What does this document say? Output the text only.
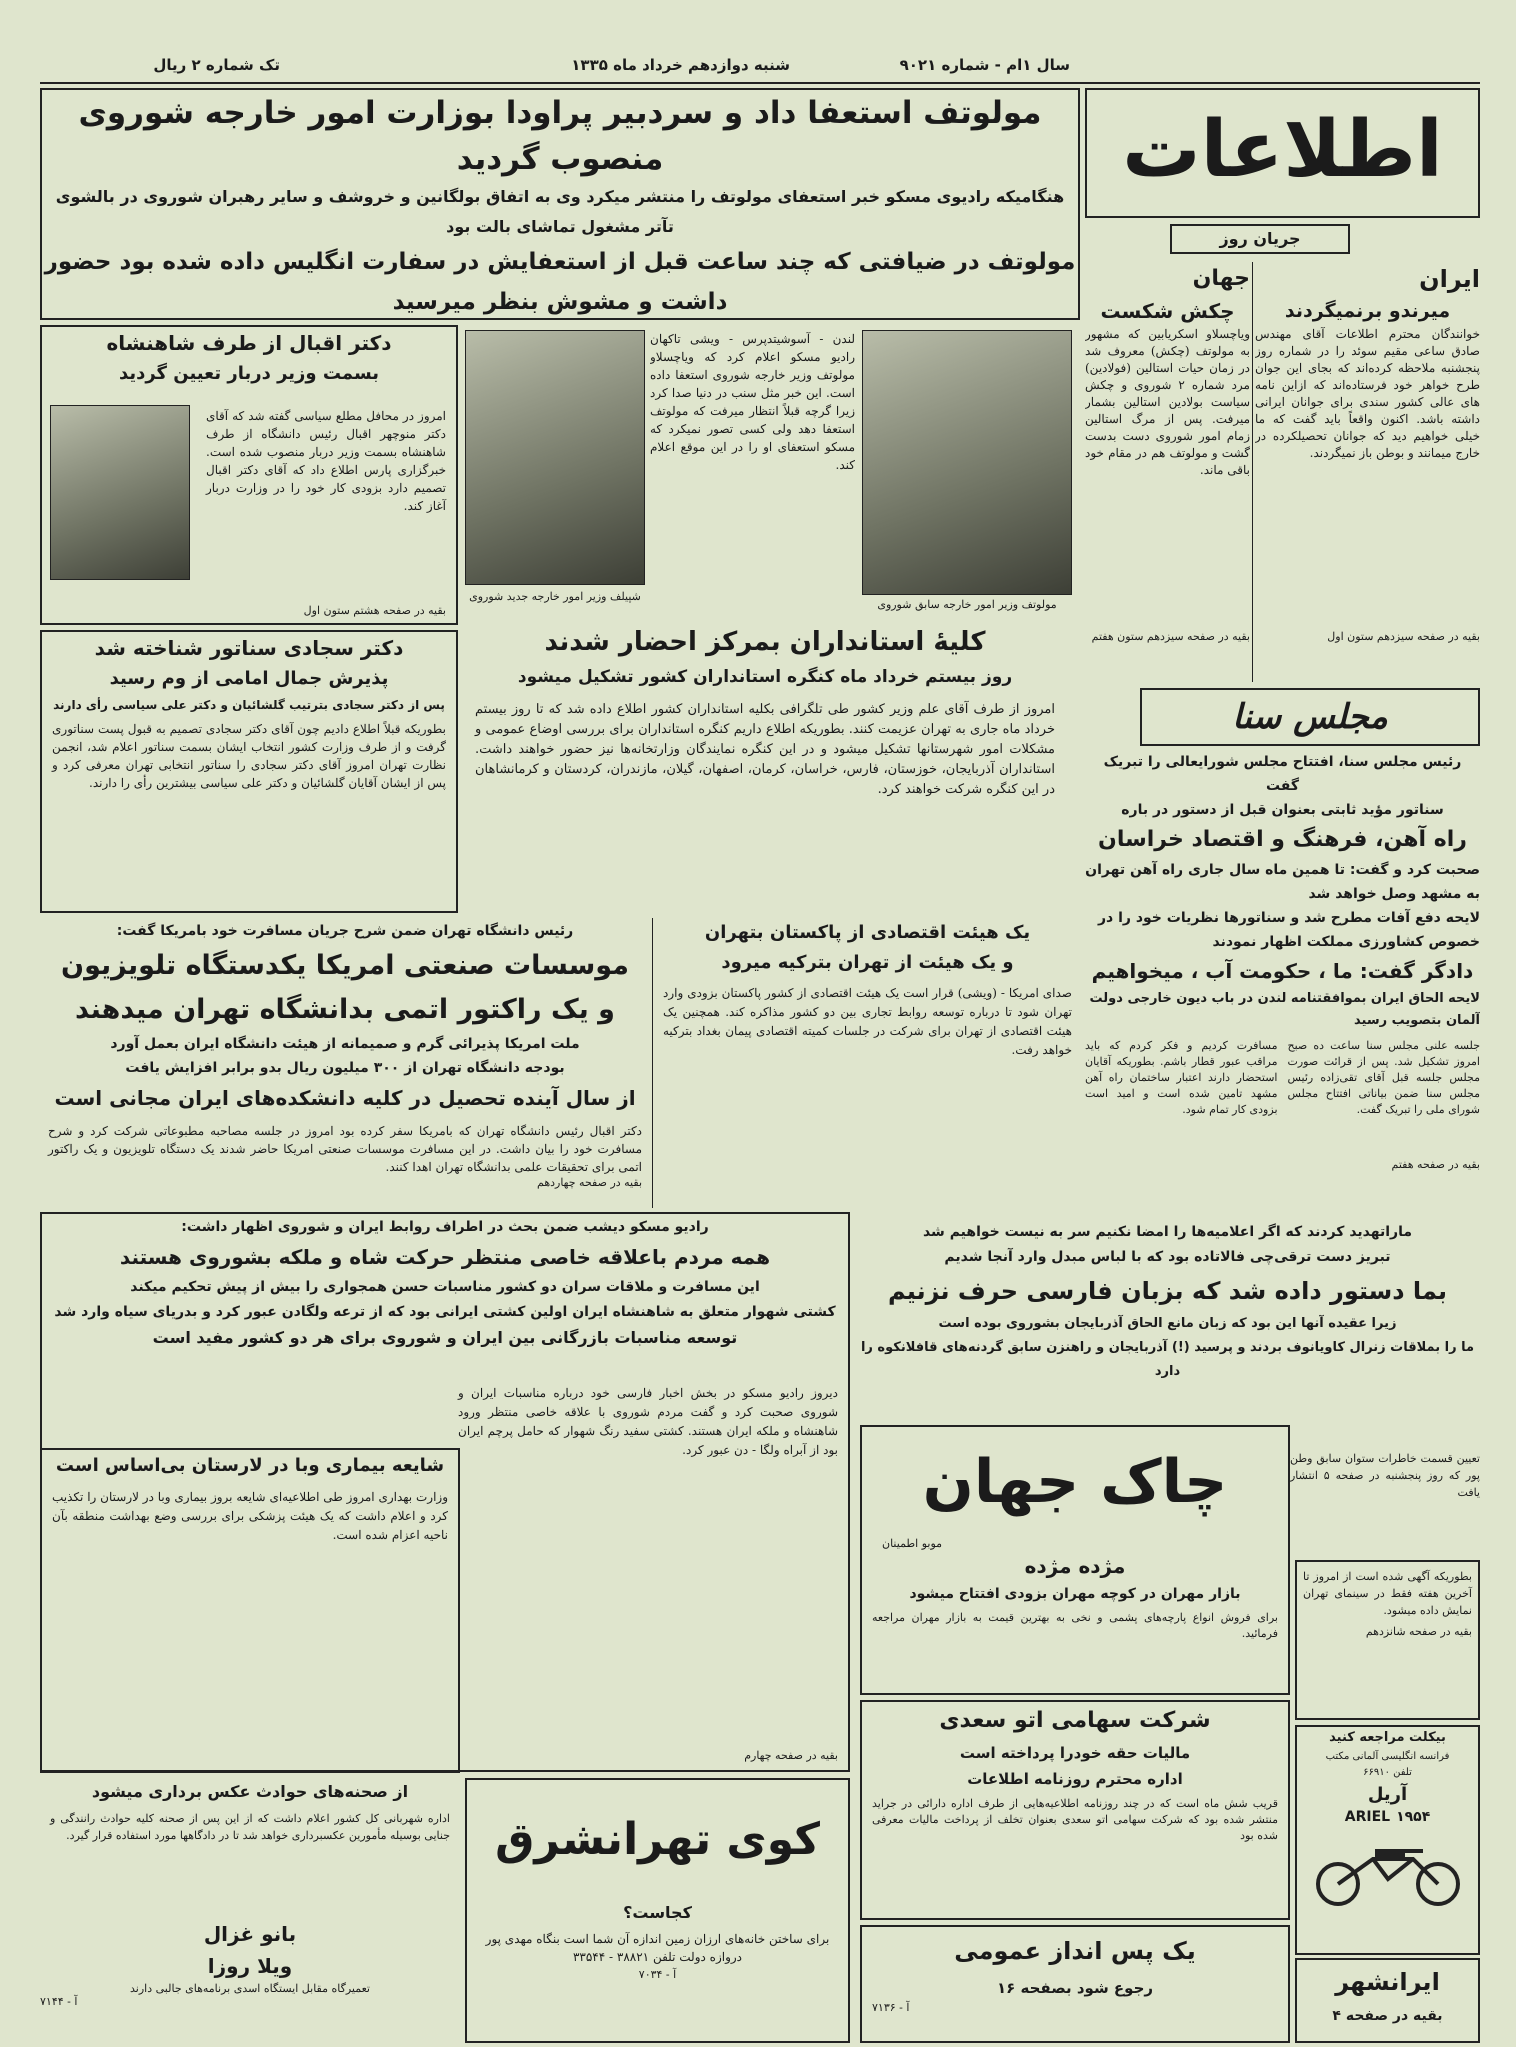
سال ۱ام - شماره ۹۰۲۱
شنبه دوازدهم خرداد ماه ۱۳۳۵
تک شماره ۲ ریال
اطلاعات
جریان روز
مولوتف استعفا داد و سردبیر پراودا بوزارت امور خارجه شوروی منصوب گردید
هنگامیکه رادیوی مسکو خبر استعفای مولوتف را منتشر میکرد وی به اتفاق بولگانین و خروشف و سایر رهبران شوروی در بالشوی تآتر مشغول تماشای بالت بود
مولوتف در ضیافتی که چند ساعت قبل از استعفایش در سفارت انگلیس داده شده بود حضور داشت و مشوش بنظر میرسید
ایران
میرندو برنمیگردند
خوانندگان محترم اطلاعات آقای مهندس صادق ساعی مقیم سوئد را در شماره روز پنجشنبه ملاحظه کرده‌اند که بجای این جوان طرح خواهر خود فرستاده‌اند که ازاین نامه های عالی کشور سندی برای جوانان ایرانی داشته باشد. اکنون واقعاً باید گفت که ما خیلی خواهیم دید که جوانان تحصیلکرده در خارج میمانند و بوطن باز نمیگردند.
بقیه در صفحه سیزدهم ستون اول
جهان
چکش شکست
ویاچسلاو اسکریابین که مشهور به مولوتف (چکش) معروف شد در زمان حیات استالین (فولادین) مرد شماره ۲ شوروی و چکش سیاست بولادین استالین بشمار میرفت. پس از مرگ استالین زمام امور شوروی دست بدست گشت و مولوتف هم در مقام خود باقی ماند.
بقیه در صفحه سیزدهم ستون هفتم
مولوتف وزیر امور خارجه سابق شوروی
لندن - آسوشیتدپرس - ویشی تاکهان رادیو مسکو اعلام کرد که ویاچسلاو مولوتف وزیر خارجه شوروی استعفا داده است. این خبر مثل سنب در دنیا صدا کرد زیرا گرچه قبلاً انتظار میرفت که مولوتف استعفا دهد ولی کسی تصور نمیکرد که مسکو استعفای او را در این موقع اعلام کند.
شپیلف وزیر امور خارجه جدید شوروی
دکتر اقبال از طرف شاهنشاه
بسمت وزیر دربار تعیین گردید
امروز در محافل مطلع سیاسی گفته شد که آقای دکتر منوچهر اقبال رئیس دانشگاه از طرف شاهنشاه بسمت وزیر دربار منصوب شده است. خبرگزاری پارس اطلاع داد که آقای دکتر اقبال تصمیم دارد بزودی کار خود را در وزارت دربار آغاز کند.
بقیه در صفحه هشتم ستون اول
کلیهٔ استانداران بمرکز احضار شدند
روز بیستم خرداد ماه کنگره استانداران کشور تشکیل میشود
امروز از طرف آقای علم وزیر کشور طی تلگرافی بکلیه استانداران کشور اطلاع داده شد که تا روز بیستم خرداد ماه جاری به تهران عزیمت کنند. بطوریکه اطلاع داریم کنگره استانداران برای بررسی اوضاع عمومی و مشکلات امور شهرستانها تشکیل میشود و در این کنگره نمایندگان وزارتخانه‌ها نیز حضور خواهند داشت. استانداران آذربایجان، خوزستان، فارس، خراسان، کرمان، اصفهان، گیلان، مازندران، کردستان و کرمانشاهان در این کنگره شرکت خواهند کرد.
دکتر سجادی سناتور شناخته شد
پذیرش جمال امامی از وم رسید
پس از دکتر سجادی بترتیب گلشائیان و دکتر علی سیاسی رأی دارند
بطوریکه قبلاً اطلاع دادیم چون آقای دکتر سجادی تصمیم به قبول پست سناتوری گرفت و از طرف وزارت کشور انتخاب ایشان بسمت سناتور اعلام شد، انجمن نظارت تهران امروز آقای دکتر سجادی را سناتور انتخابی تهران معرفی کرد و پس از ایشان آقایان گلشائیان و دکتر علی سیاسی بیشترین رأی را دارند.
مجلس سنا
رئیس مجلس سنا، افتتاح مجلس شورایعالی را تبریک گفت
سناتور مؤید ثابتی بعنوان قبل از دستور در باره
راه آهن، فرهنگ و اقتصاد خراسان
صحبت کرد و گفت: تا همین ماه سال جاری راه آهن تهران به مشهد وصل خواهد شد
لایحه دفع آفات مطرح شد و سناتورها نظریات خود را در خصوص کشاورزی مملکت اظهار نمودند
دادگر گفت: ما ، حکومت آب ، میخواهیم
لایحه الحاق ایران بموافقتنامه لندن در باب دیون خارجی دولت آلمان بتصویب رسید
جلسه علنی مجلس سنا ساعت ده صبح امروز تشکیل شد. پس از قرائت صورت مجلس جلسه قبل آقای تقی‌زاده رئیس مجلس سنا ضمن بیاناتی افتتاح مجلس شورای ملی را تبریک گفت.
مسافرت کردیم و فکر کردم که باید مراقب عبور قطار باشم. بطوریکه آقایان استحضار دارند اعتبار ساختمان راه آهن مشهد تامین شده است و امید است بزودی کار تمام شود.
بقیه در صفحه هفتم
رئیس دانشگاه تهران ضمن شرح جریان مسافرت خود بامریکا گفت:
موسسات صنعتی امریکا یکدستگاه تلویزیون
و یک راکتور اتمی بدانشگاه تهران میدهند
ملت امریکا پذیرائی گرم و صمیمانه از هیئت دانشگاه ایران بعمل آورد
بودجه دانشگاه تهران از ۳۰۰ میلیون ریال بدو برابر افزایش یافت
از سال آینده تحصیل در کلیه دانشکده‌های ایران مجانی است
دکتر اقبال رئیس دانشگاه تهران که بامریکا سفر کرده بود امروز در جلسه مصاحبه مطبوعاتی شرکت کرد و شرح مسافرت خود را بیان داشت. در این مسافرت موسسات صنعتی امریکا حاضر شدند یک دستگاه تلویزیون و یک راکتور اتمی برای تحقیقات علمی بدانشگاه تهران اهدا کنند.
بقیه در صفحه چهاردهم
یک هیئت اقتصادی از پاکستان بتهران
و یک هیئت از تهران بترکیه میرود
صدای امریکا - (ویشی) قرار است یک هیئت اقتصادی از کشور پاکستان بزودی وارد تهران شود تا درباره توسعه روابط تجاری بین دو کشور مذاکره کند. همچنین یک هیئت اقتصادی از تهران برای شرکت در جلسات کمیته اقتصادی پیمان بغداد بترکیه خواهد رفت.
ماراتهدید کردند که اگر اعلامیه‌ها را امضا نکنیم سر به نیست خواهیم شد
تبریز دست ترقی‌چی فالاتاده بود که با لباس مبدل وارد آنجا شدیم
بما دستور داده شد که بزبان فارسی حرف نزنیم
زیرا عقیده آنها این بود که زبان مانع الحاق آذربایجان بشوروی بوده است
ما را بملاقات زنرال کاویانوف بردند و پرسید (!) آذربایجان و راهنزن سابق گردنه‌های قافلانکوه را دارد
تعیین قسمت خاطرات ستوان سابق وطن پور که روز پنجشنبه در صفحه ۵ انتشار یافت
رادیو مسکو دیشب ضمن بحث در اطراف روابط ایران و شوروی اظهار داشت:
همه مردم باعلاقه خاصی منتظر حرکت شاه و ملکه بشوروی هستند
این مسافرت و ملاقات سران دو کشور مناسبات حسن همجواری را بیش از پیش تحکیم میکند
کشتی شهوار متعلق به شاهنشاه ایران اولین کشتی ایرانی بود که از ترعه ولگادن عبور کرد و بدریای سیاه وارد شد
توسعه مناسبات بازرگانی بین ایران و شوروی برای هر دو کشور مفید است
دیروز رادیو مسکو در بخش اخبار فارسی خود درباره مناسبات ایران و شوروی صحبت کرد و گفت مردم شوروی با علاقه خاصی منتظر ورود شاهنشاه و ملکه ایران هستند. کشتی سفید رنگ شهوار که حامل پرچم ایران بود از آبراه ولگا - دن عبور کرد.
بقیه در صفحه چهارم
چاک جهان
موبو اطمینان
مژده مژده
بازار مهران در کوچه مهران بزودی افتتاح میشود
برای فروش انواع پارچه‌های پشمی و نخی به بهترین قیمت به بازار مهران مراجعه فرمائید.
بطوریکه آگهی شده است از امروز تا آخرین هفته فقط در سینمای تهران نمایش داده میشود.
بقیه در صفحه شانزدهم
شایعه بیماری وبا در لارستان بی‌اساس است
وزارت بهداری امروز طی اطلاعیه‌ای شایعه بروز بیماری وبا در لارستان را تکذیب کرد و اعلام داشت که یک هیئت پزشکی برای بررسی وضع بهداشت منطقه بآن ناحیه اعزام شده است.
از صحنه‌های حوادث عکس برداری میشود
اداره شهربانی کل کشور اعلام داشت که از این پس از صحنه کلیه حوادث رانندگی و جنایی بوسیله مأمورین عکسبرداری خواهد شد تا در دادگاهها مورد استفاده قرار گیرد.
بانو غزال
ویلا روزا
تعمیرگاه مقابل ایستگاه اسدی برنامه‌های جالبی دارند
آ - ۷۱۴۴
کوی تهرانشرق
کجاست؟
برای ساختن خانه‌های ارزان زمین اندازه آن شما است بنگاه مهدی پور دروازه دولت تلفن ۳۸۸۲۱ - ۳۳۵۴۴
آ - ۷۰۳۴
شرکت سهامی اتو سعدی
مالیات حقه خودرا پرداخته است
اداره محترم روزنامه اطلاعات
قریب شش ماه است که در چند روزنامه اطلاعیه‌هایی از طرف اداره دارائی در جراید منتشر شده بود که شرکت سهامی اتو سعدی بعنوان تخلف از پرداخت مالیات معرفی شده بود
یک پس انداز عمومی
رجوع شود بصفحه ۱۶
آ - ۷۱۳۶
بیکلت مراجعه کنید
فرانسه انگلیسی آلمانی مکتب
تلفن ۶۶۹۱۰
آریل
ARIEL ۱۹۵۴
ایرانشهر
بقیه در صفحه ۴
